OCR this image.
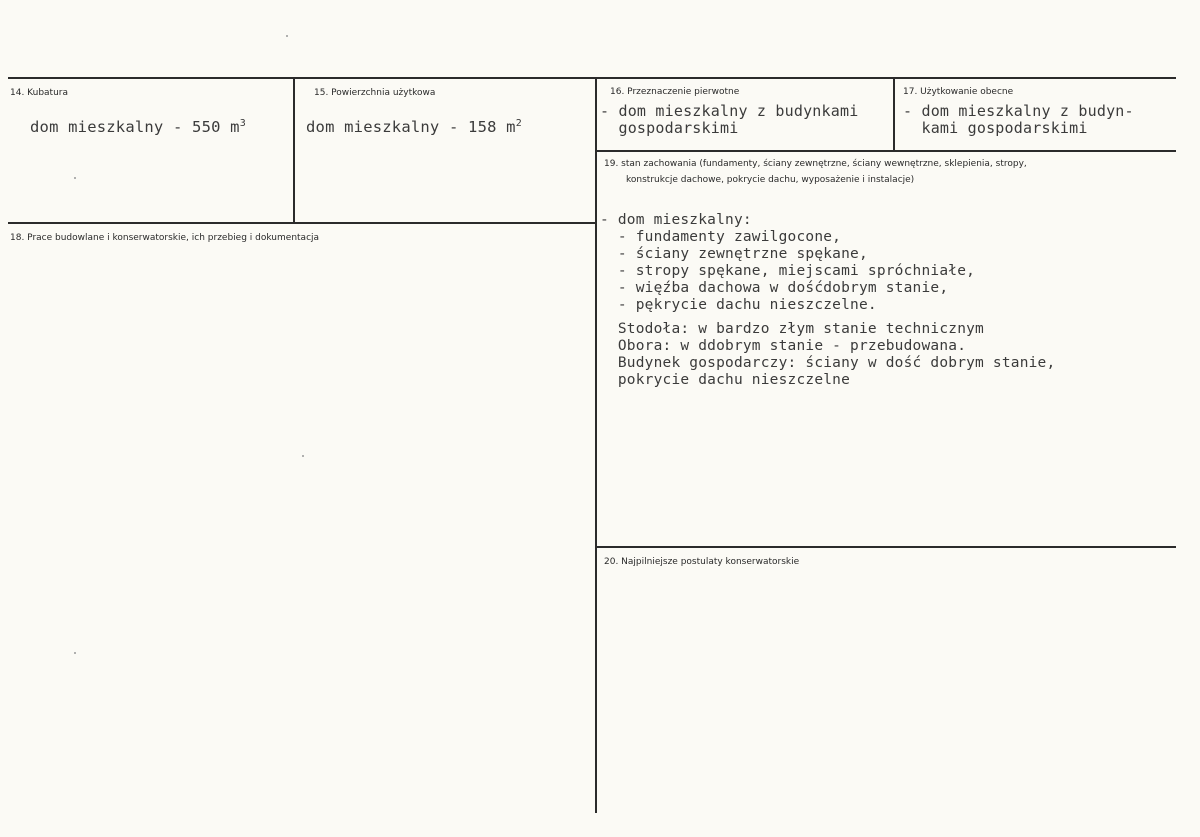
14. Kubatura
dom mieszkalny - 550 $m^3$
15. Powierzchnia użytkowa
dom mieszkalny - 158 $m^2$
16. Przeznaczenie pierwotne
- dom mieszkalny z budynkami
gospodarskimi
17. Użytkowanie obecne
- dom mieszkalny z budyn-
kami gospodarskimi
18. Prace budowlane i konserwatorskie, ich przebieg i dokumentacja
19. stan zachowania (fundamenty, ściany zewnętrzne, ściany wewnętrzne, sklepienia, stropy,
konstrukcje dachowe, pokrycie dachu, wyposażenie i instalacje)
- dom mieszkalny:
- fundamenty zawilgocone,
- ściany zewnętrzne spękane,
- stropy spękane, miejscami spróchniałe,
- więźba dachowa w dośćdobrym stanie,
- pękrycie dachu nieszczelne.
Stodoła: w bardzo złym stanie technicznym
Obora: w ddobrym stanie - przebudowana.
Budynek gospodarczy: ściany w dość dobrym stanie,
pokrycie dachu nieszczelne
20. Najpilniejsze postulaty konserwatorskie
